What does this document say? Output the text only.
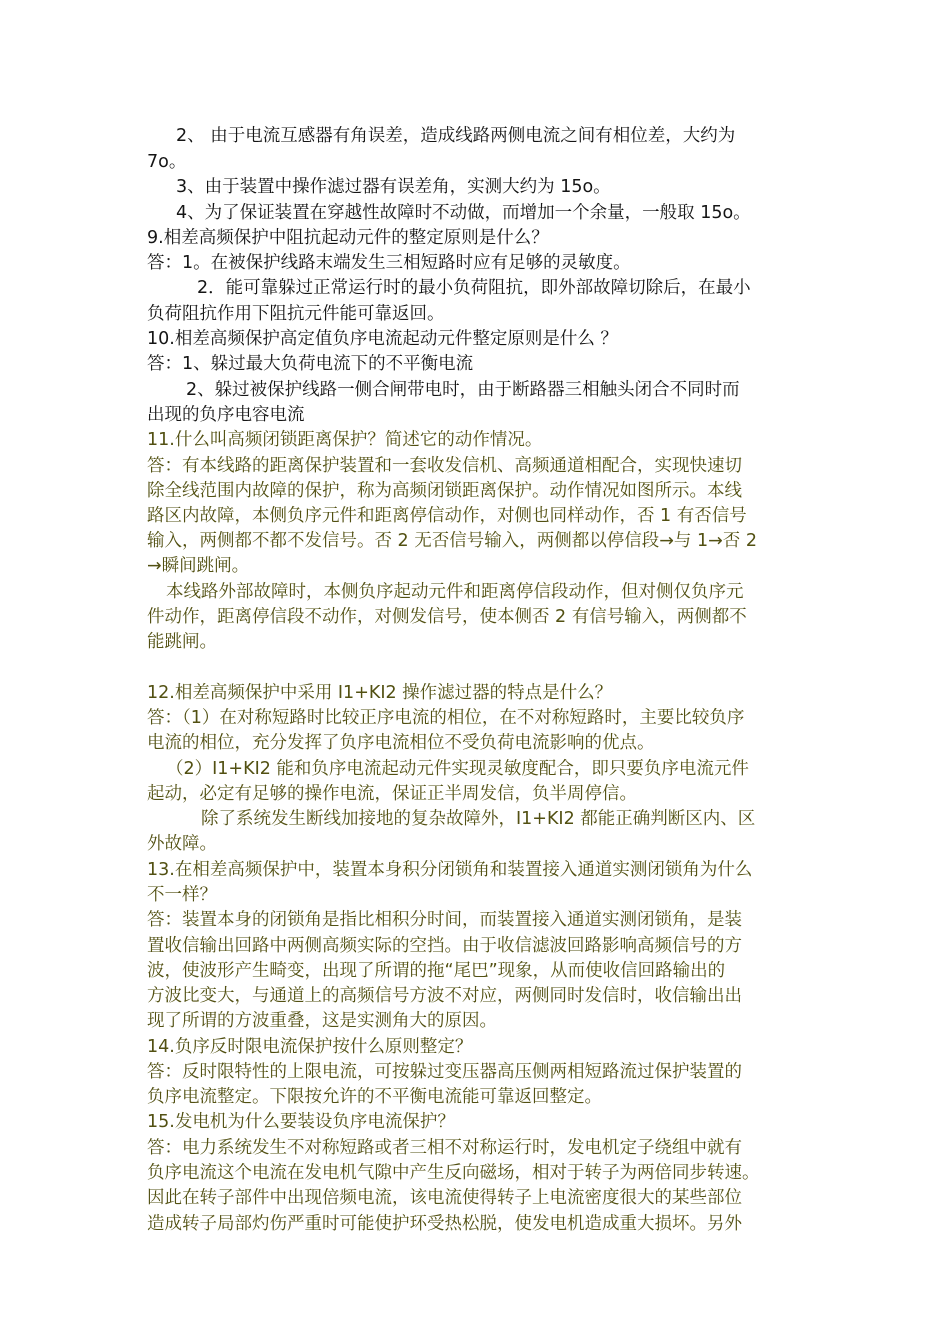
2、 由于电流互感器有角误差，造成线路两侧电流之间有相位差，大约为
7o。
3、由于装置中操作滤过器有误差角，实测大约为 15o。
4、为了保证装置在穿越性故障时不动做，而增加一个余量，一般取 15o。
9.相差高频保护中阻抗起动元件的整定原则是什么？
答：1。在被保护线路末端发生三相短路时应有足够的灵敏度。
2．能可靠躲过正常运行时的最小负荷阻抗，即外部故障切除后，在最小
负荷阻抗作用下阻抗元件能可靠返回。
10.相差高频保护高定值负序电流起动元件整定原则是什么 ？
答：1、躲过最大负荷电流下的不平衡电流
2、躲过被保护线路一侧合闸带电时，由于断路器三相触头闭合不同时而
出现的负序电容电流
11.什么叫高频闭锁距离保护？简述它的动作情况。
答：有本线路的距离保护装置和一套收发信机、高频通道相配合，实现快速切
除全线范围内故障的保护，称为高频闭锁距离保护。动作情况如图所示。本线
路区内故障，本侧负序元件和距离停信动作，对侧也同样动作，否 1 有否信号
输入，两侧都不都不发信号。否 2 无否信号输入，两侧都以停信段→与 1→否 2
→瞬间跳闸。
本线路外部故障时，本侧负序起动元件和距离停信段动作，但对侧仅负序元
件动作，距离停信段不动作，对侧发信号，使本侧否 2 有信号输入，两侧都不
能跳闸。
12.相差高频保护中采用 I1+KI2 操作滤过器的特点是什么？
答：（1）在对称短路时比较正序电流的相位，在不对称短路时，主要比较负序
电流的相位，充分发挥了负序电流相位不受负荷电流影响的优点。
（2）I1+KI2 能和负序电流起动元件实现灵敏度配合，即只要负序电流元件
起动，必定有足够的操作电流，保证正半周发信，负半周停信。
除了系统发生断线加接地的复杂故障外，I1+KI2 都能正确判断区内、区
外故障。
13.在相差高频保护中，装置本身积分闭锁角和装置接入通道实测闭锁角为什么
不一样？
答：装置本身的闭锁角是指比相积分时间，而装置接入通道实测闭锁角，是装
置收信输出回路中两侧高频实际的空挡。由于收信滤波回路影响高频信号的方
波，使波形产生畸变，出现了所谓的拖“尾巴”现象，从而使收信回路输出的
方波比变大，与通道上的高频信号方波不对应，两侧同时发信时，收信输出出
现了所谓的方波重叠，这是实测角大的原因。
14.负序反时限电流保护按什么原则整定？
答：反时限特性的上限电流，可按躲过变压器高压侧两相短路流过保护装置的
负序电流整定。下限按允许的不平衡电流能可靠返回整定。
15.发电机为什么要装设负序电流保护？
答：电力系统发生不对称短路或者三相不对称运行时，发电机定子绕组中就有
负序电流这个电流在发电机气隙中产生反向磁场，相对于转子为两倍同步转速。
因此在转子部件中出现倍频电流，该电流使得转子上电流密度很大的某些部位
造成转子局部灼伤严重时可能使护环受热松脱，使发电机造成重大损坏。另外
